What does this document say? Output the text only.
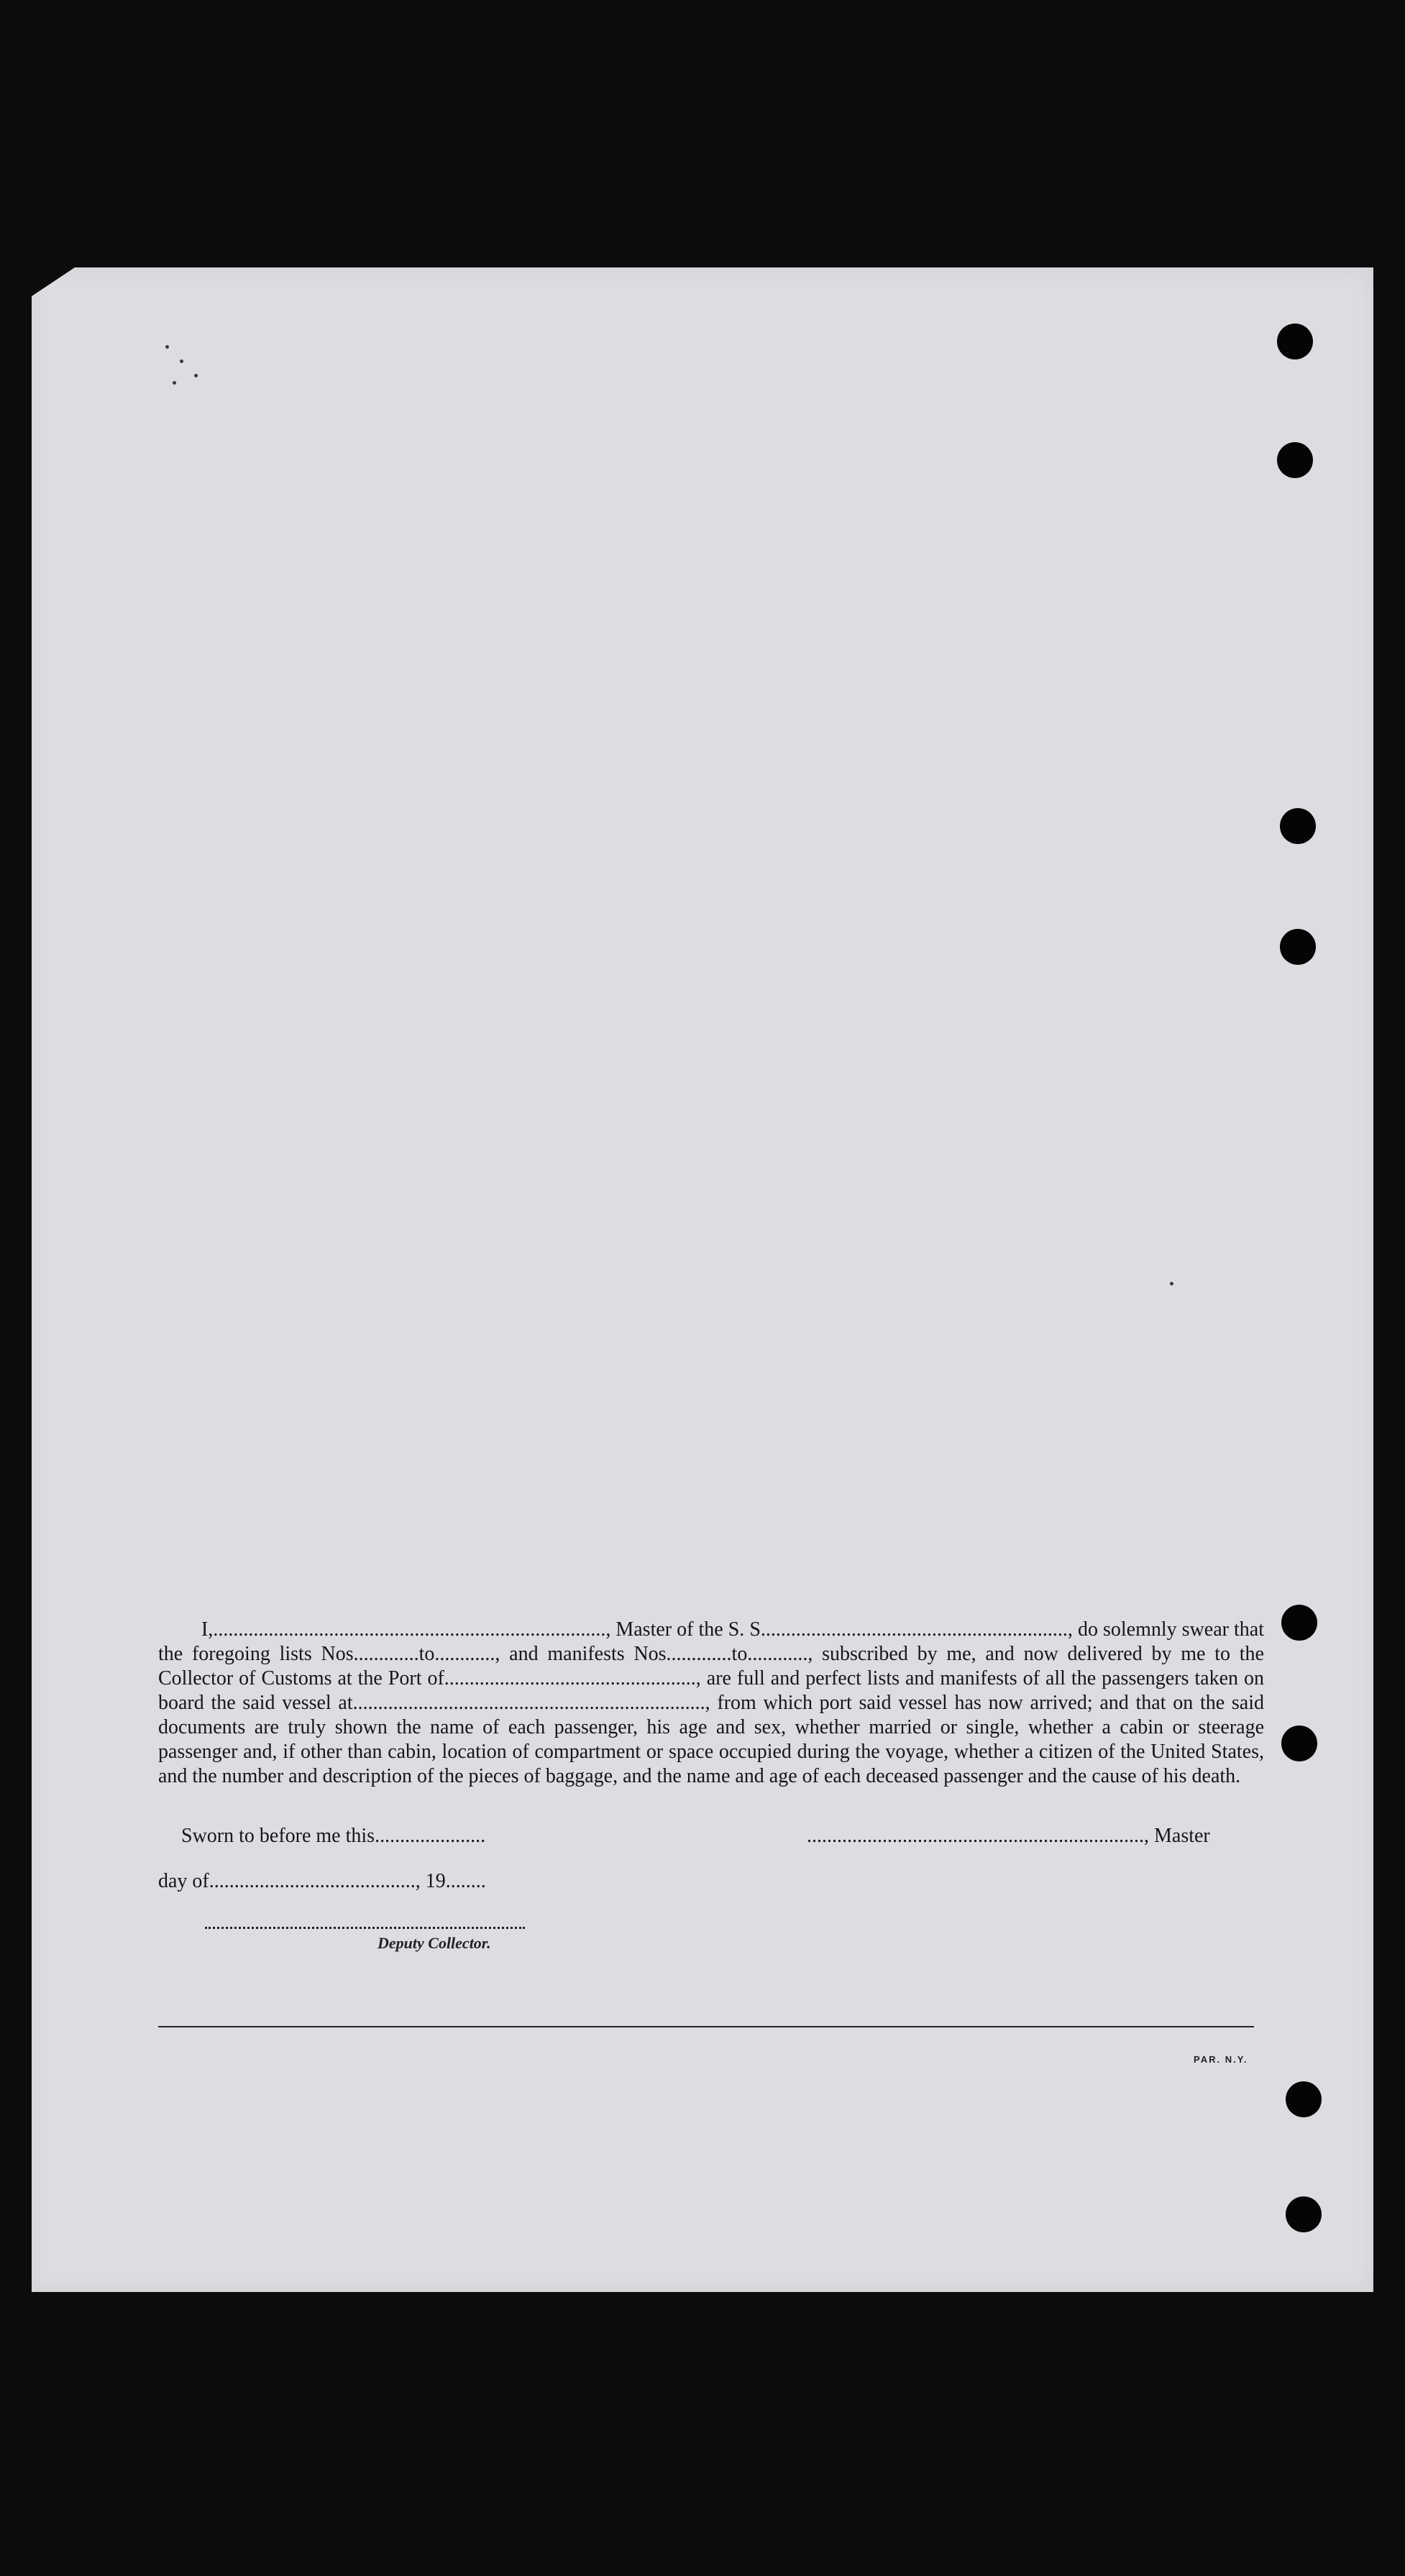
I,.............................................................................., Master of the S. S............................................................., do solemnly swear that the foregoing lists Nos.............to............, and manifests Nos.............to............, subscribed by me, and now delivered by me to the Collector of Customs at the Port of.................................................., are full and perfect lists and manifests of all the passengers taken on board the said vessel at......................................................................, from which port said vessel has now arrived; and that on the said documents are truly shown the name of each passenger, his age and sex, whether married or single, whether a cabin or steerage passenger and, if other than cabin, location of compartment or space occupied during the voyage, whether a citizen of the United States, and the number and description of the pieces of baggage, and the name and age of each deceased passenger and the cause of his death.

Sworn to before me this......................	..................................................................., Master
day of........................................., 19........
Deputy Collector.
PAR. N.Y.
